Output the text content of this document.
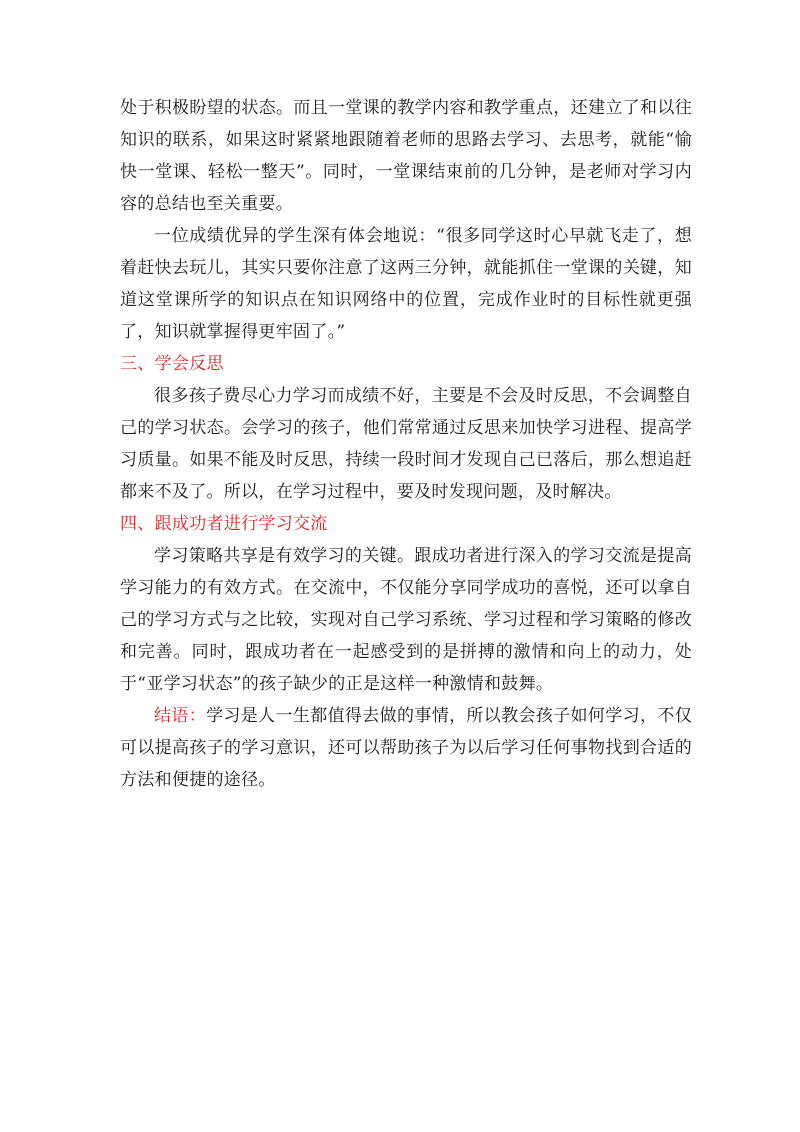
处于积极盼望的状态。而且一堂课的教学内容和教学重点，还建立了和以往知识的联系，如果这时紧紧地跟随着老师的思路去学习、去思考，就能“愉快一堂课、轻松一整天”。同时，一堂课结束前的几分钟，是老师对学习内容的总结也至关重要。

一位成绩优异的学生深有体会地说：“很多同学这时心早就飞走了，想着赶快去玩儿，其实只要你注意了这两三分钟，就能抓住一堂课的关键，知道这堂课所学的知识点在知识网络中的位置，完成作业时的目标性就更强了，知识就掌握得更牢固了。”

三、学会反思

很多孩子费尽心力学习而成绩不好，主要是不会及时反思，不会调整自己的学习状态。会学习的孩子，他们常常通过反思来加快学习进程、提高学习质量。如果不能及时反思，持续一段时间才发现自己已落后，那么想追赶都来不及了。所以，在学习过程中，要及时发现问题，及时解决。

四、跟成功者进行学习交流

学习策略共享是有效学习的关键。跟成功者进行深入的学习交流是提高学习能力的有效方式。在交流中，不仅能分享同学成功的喜悦，还可以拿自己的学习方式与之比较，实现对自己学习系统、学习过程和学习策略的修改和完善。同时，跟成功者在一起感受到的是拼搏的激情和向上的动力，处于“亚学习状态”的孩子缺少的正是这样一种激情和鼓舞。

结语：学习是人一生都值得去做的事情，所以教会孩子如何学习，不仅可以提高孩子的学习意识，还可以帮助孩子为以后学习任何事物找到合适的方法和便捷的途径。
